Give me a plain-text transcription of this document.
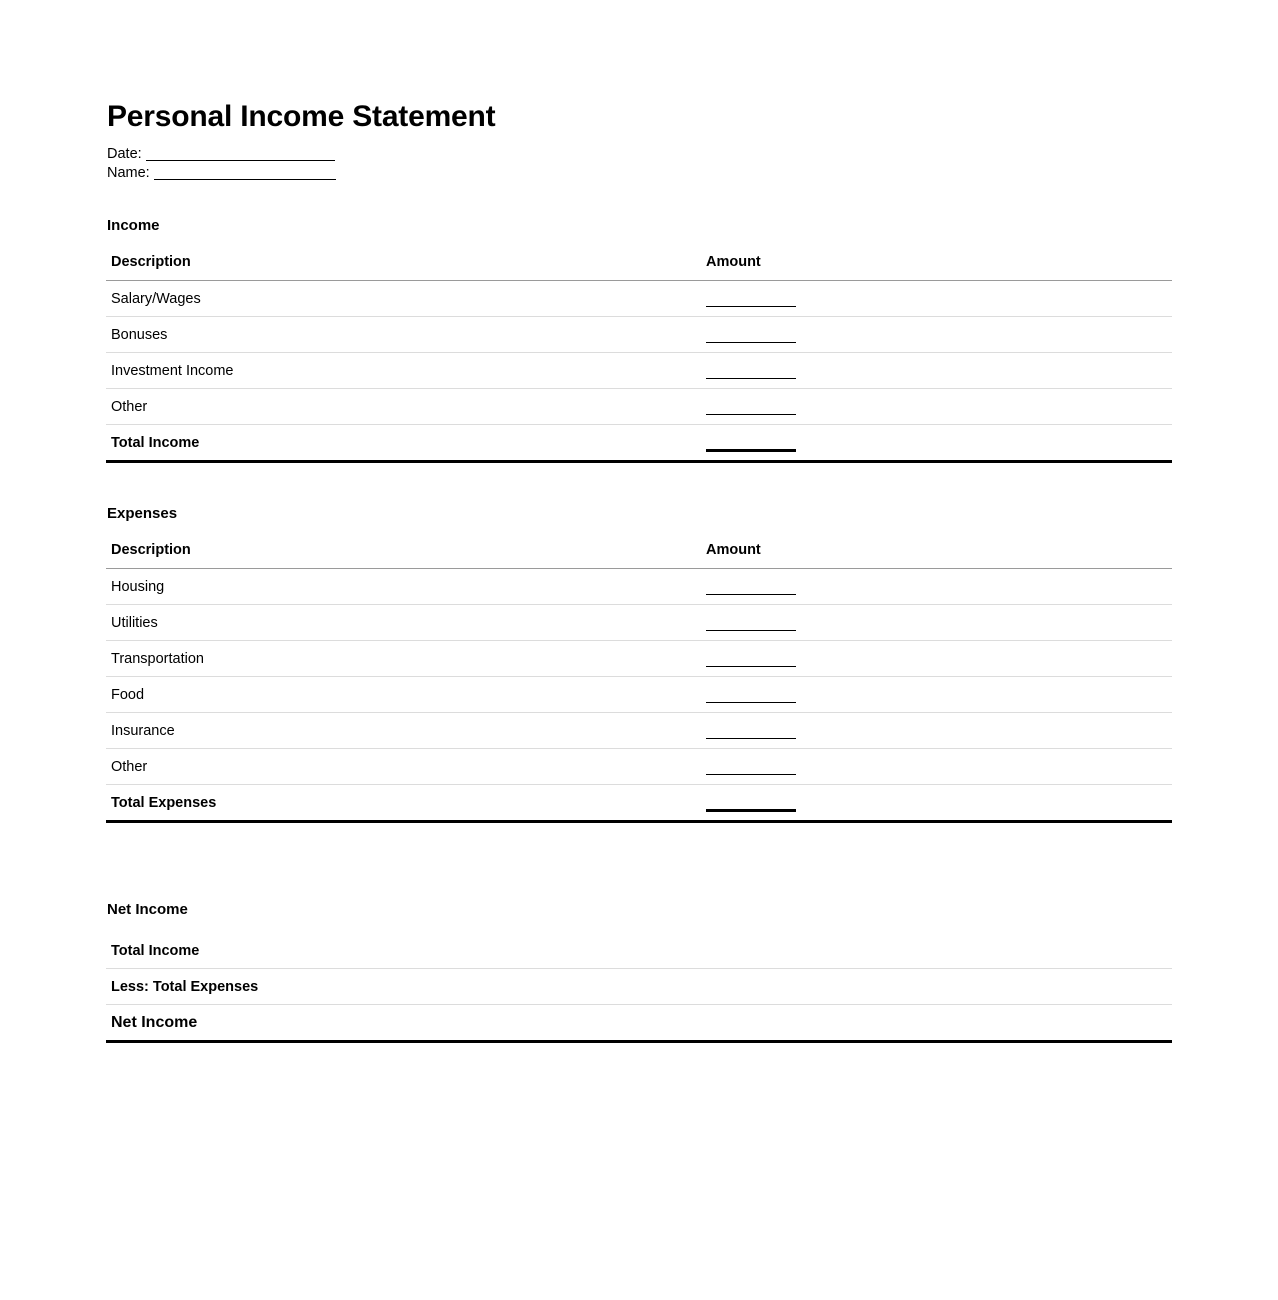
Personal Income Statement
Date:
Name:
Income
Description	Amount
Salary/Wages	

Bonuses	

Investment Income	

Other	

Total Income	
Expenses
Description	Amount
Housing	

Utilities	

Transportation	

Food	

Insurance	

Other	

Total Expenses	
Net Income
Total Income	

Less: Total Expenses	

Net Income	
